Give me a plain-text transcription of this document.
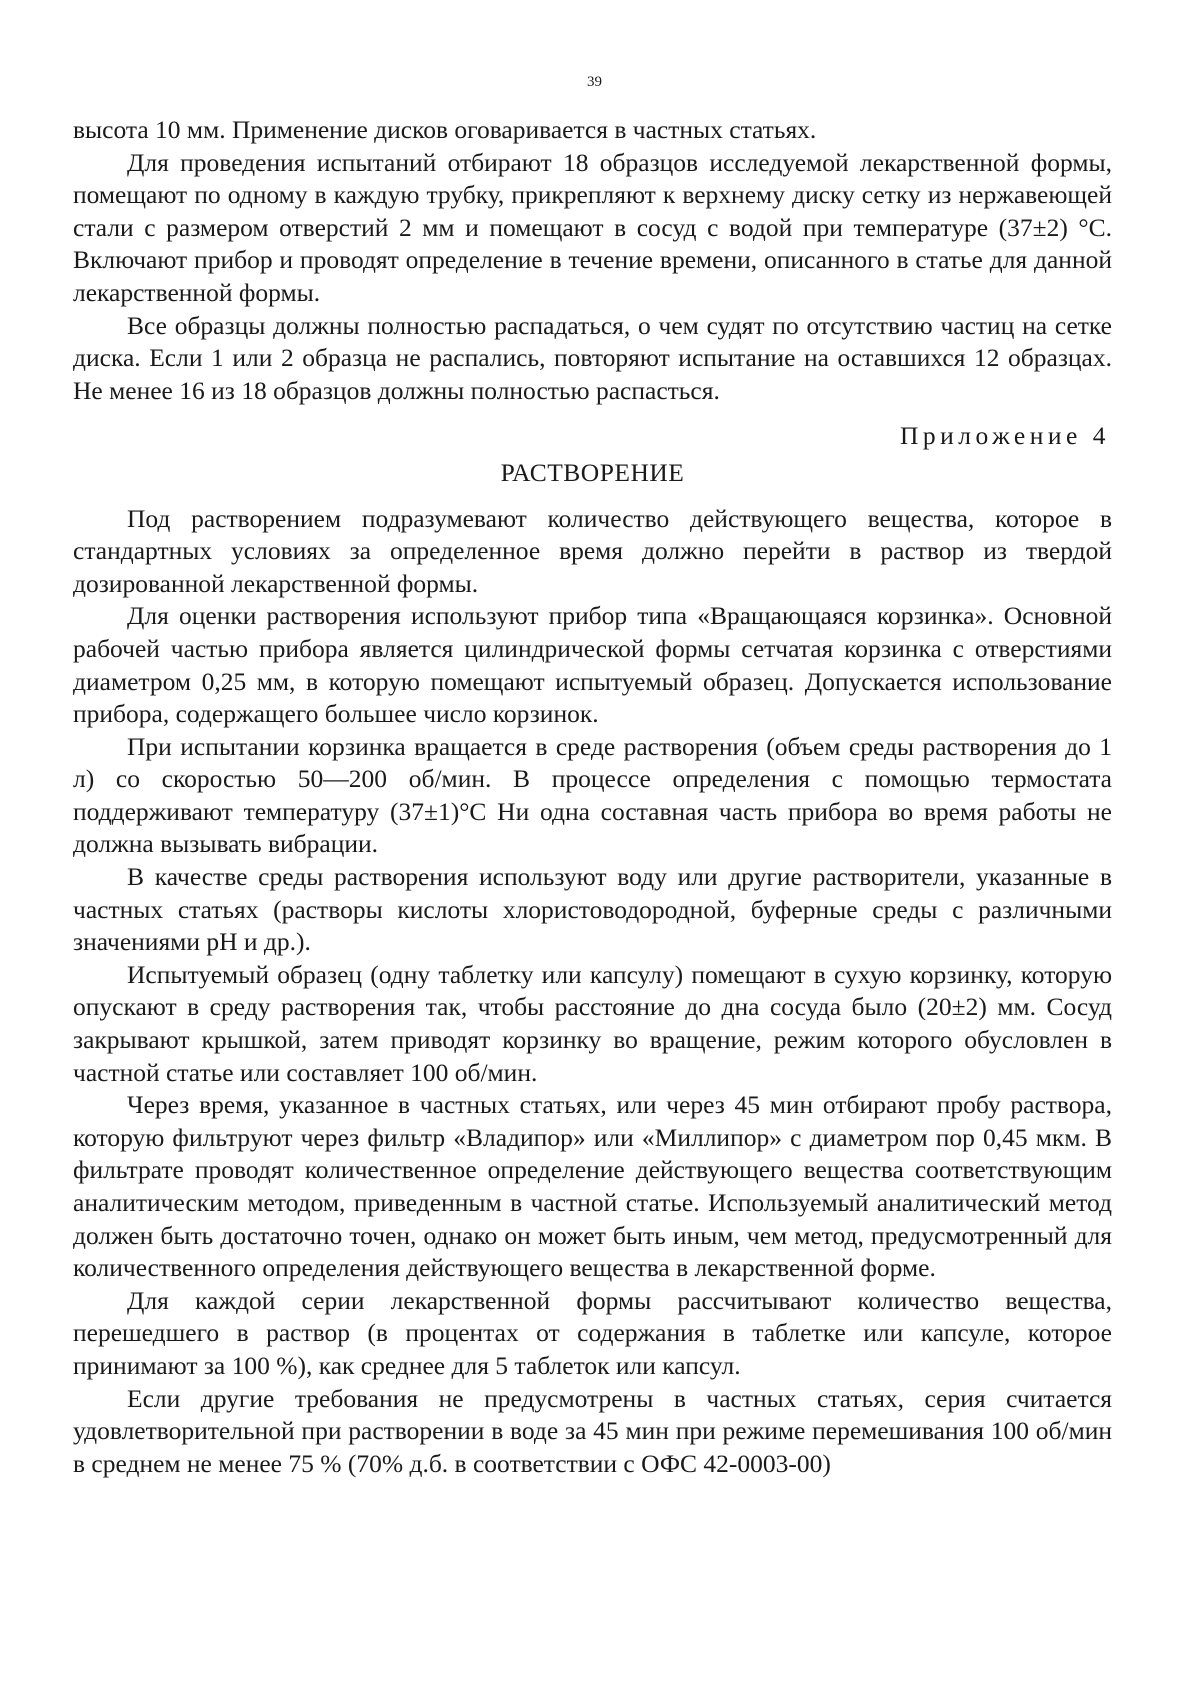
39

высота 10 мм. Применение дисков оговаривается в частных статьях.

Для проведения испытаний отбирают 18 образцов исследуемой лекарственной формы, помещают по одному в каждую трубку, прикрепляют к верхнему диску сетку из нержавеющей стали с размером отверстий 2 мм и помещают в сосуд с водой при температуре (37±2) °С. Включают прибор и проводят определение в течение времени, описанного в статье для данной лекарственной формы.

Все образцы должны полностью распадаться, о чем судят по отсутствию частиц на сетке диска. Если 1 или 2 образца не распались, повторяют испытание на оставшихся 12 образцах. Не менее 16 из 18 образцов должны полностью распасться.

Приложение 4
РАСТВОРЕНИЕ

Под растворением подразумевают количество действующего вещества, которое в стандартных условиях за определенное время должно перейти в раствор из твердой дозированной лекарственной формы.

Для оценки растворения используют прибор типа «Вращающаяся корзинка». Основной рабочей частью прибора является цилиндрической формы сетчатая корзинка с отверстиями диаметром 0,25 мм, в которую помещают испытуемый образец. Допускается использование прибора, содержащего большее число корзинок.

При испытании корзинка вращается в среде растворения (объем среды растворения до 1 л) со скоростью 50—200 об/мин. В процессе определения с помощью термостата поддерживают температуру (37±1)°С Ни одна составная часть прибора во время работы не должна вызывать вибрации.

В качестве среды растворения используют воду или другие растворители, указанные в частных статьях (растворы кислоты хлористоводородной, буферные среды с различными значениями рН и др.).

Испытуемый образец (одну таблетку или капсулу) помещают в сухую корзинку, которую опускают в среду растворения так, чтобы расстояние до дна сосуда было (20±2) мм. Сосуд закрывают крышкой, затем приводят корзинку во вращение, режим которого обусловлен в частной статье или составляет 100 об/мин.

Через время, указанное в частных статьях, или через 45 мин отбирают пробу раствора, которую фильтруют через фильтр «Владипор» или «Миллипор» с диаметром пор 0,45 мкм. В фильтрате проводят количественное определение действующего вещества соответствующим аналитическим методом, приведенным в частной статье. Используемый аналитический метод должен быть достаточно точен, однако он может быть иным, чем метод, предусмотренный для количественного определения действующего вещества в лекарственной форме.

Для каждой серии лекарственной формы рассчитывают количество вещества, перешедшего в раствор (в процентах от содержания в таблетке или капсуле, которое принимают за 100 %), как среднее для 5 таблеток или капсул.

Если другие требования не предусмотрены в частных статьях, серия считается удовлетворительной при растворении в воде за 45 мин при режиме перемешивания 100 об/мин в среднем не менее 75 % (70% д.б. в соответствии с ОФС 42-0003-00)
